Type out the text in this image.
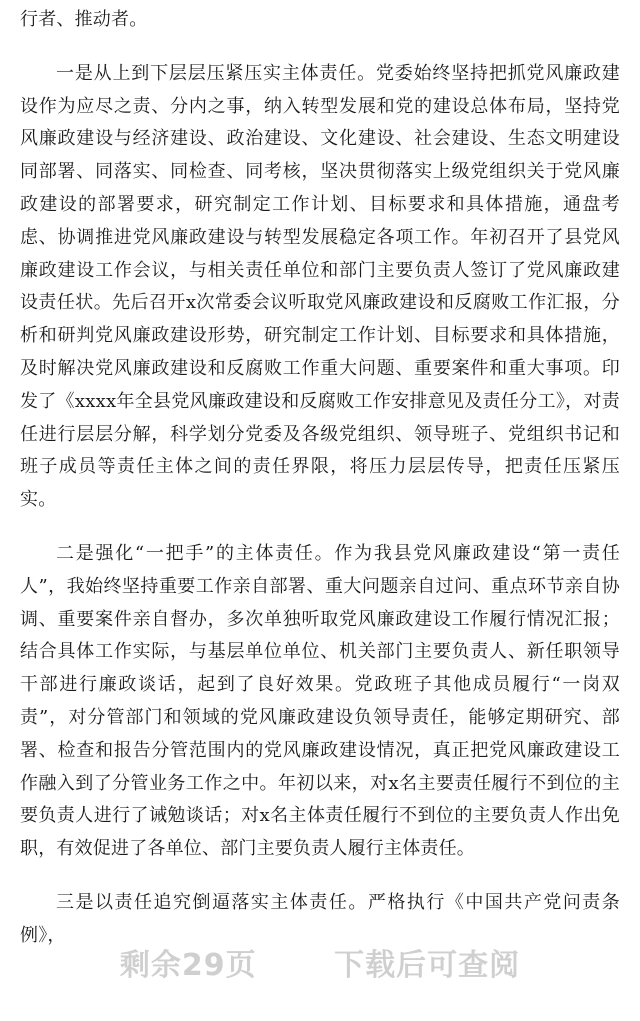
行者、推动者。

一是从上到下层层压紧压实主体责任。党委始终坚持把抓党风廉政建设作为应尽之责、分内之事，纳入转型发展和党的建设总体布局，坚持党风廉政建设与经济建设、政治建设、文化建设、社会建设、生态文明建设同部署、同落实、同检查、同考核，坚决贯彻落实上级党组织关于党风廉政建设的部署要求，研究制定工作计划、目标要求和具体措施，通盘考虑、协调推进党风廉政建设与转型发展稳定各项工作。年初召开了县党风廉政建设工作会议，与相关责任单位和部门主要负责人签订了党风廉政建设责任状。先后召开x次常委会议听取党风廉政建设和反腐败工作汇报，分析和研判党风廉政建设形势，研究制定工作计划、目标要求和具体措施，及时解决党风廉政建设和反腐败工作重大问题、重要案件和重大事项。印发了《xxxx年全县党风廉政建设和反腐败工作安排意见及责任分工》，对责任进行层层分解，科学划分党委及各级党组织、领导班子、党组织书记和班子成员等责任主体之间的责任界限，将压力层层传导，把责任压紧压实。

二是强化“一把手”的主体责任。作为我县党风廉政建设“第一责任人”，我始终坚持重要工作亲自部署、重大问题亲自过问、重点环节亲自协调、重要案件亲自督办，多次单独听取党风廉政建设工作履行情况汇报；结合具体工作实际，与基层单位单位、机关部门主要负责人、新任职领导干部进行廉政谈话，起到了良好效果。党政班子其他成员履行“一岗双责”，对分管部门和领域的党风廉政建设负领导责任，能够定期研究、部署、检查和报告分管范围内的党风廉政建设情况，真正把党风廉政建设工作融入到了分管业务工作之中。年初以来，对x名主要责任履行不到位的主要负责人进行了诫勉谈话；对x名主体责任履行不到位的主要负责人作出免职，有效促进了各单位、部门主要负责人履行主体责任。

三是以责任追究倒逼落实主体责任。严格执行《中国共产党问责条例》，

剩余29页	下载后可查阅
